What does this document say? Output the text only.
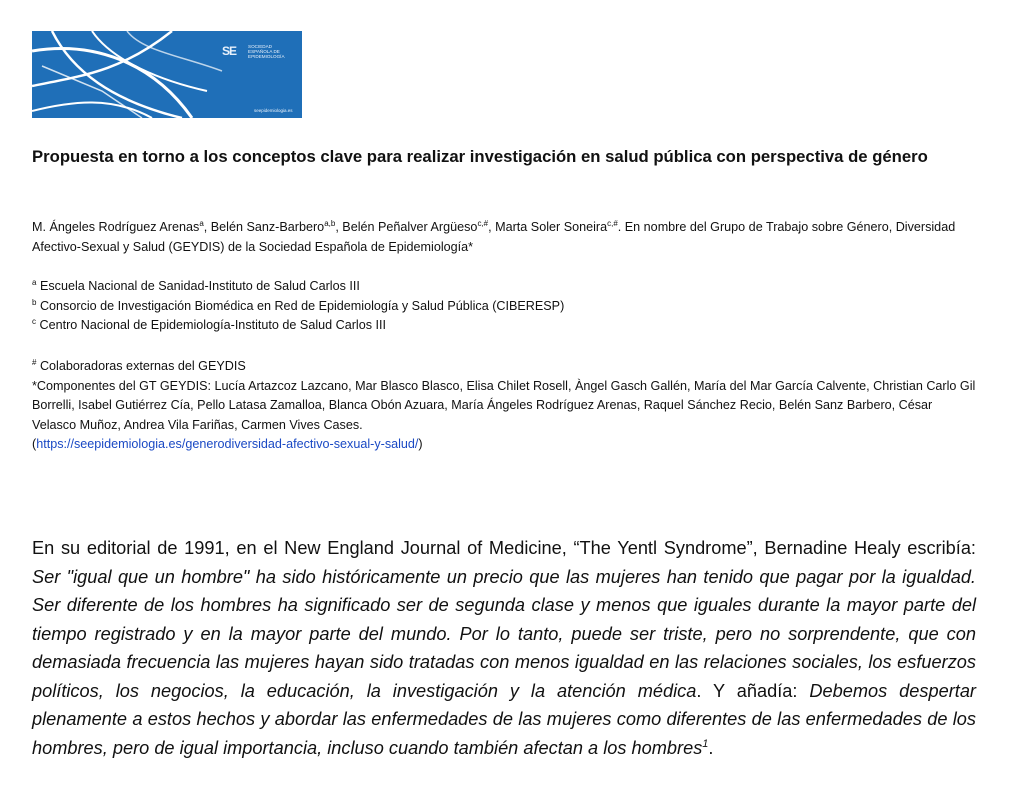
SE	SOCIEDAD
ESPAÑOLA DE
EPIDEMIOLOGÍA
seepidemiologia.es
Propuesta en torno a los conceptos clave para realizar investigación en salud pública con perspectiva de género

M. Ángeles Rodríguez Arenas$^a$, Belén Sanz-Barbero$^{a,b}$, Belén Peñalver Argüeso$^{c,\#}$, Marta Soler Soneira$^{c,\#}$. En nombre del Grupo de Trabajo sobre Género, Diversidad Afectivo-Sexual y Salud (GEYDIS) de la Sociedad Española de Epidemiología*

$^a$ Escuela Nacional de Sanidad-Instituto de Salud Carlos III
$^b$ Consorcio de Investigación Biomédica en Red de Epidemiología y Salud Pública (CIBERESP)
$^c$ Centro Nacional de Epidemiología-Instituto de Salud Carlos III

# Colaboradoras externas del GEYDIS
*Componentes del GT GEYDIS: Lucía Artazcoz Lazcano, Mar Blasco Blasco, Elisa Chilet Rosell, Àngel Gasch Gallén, María del Mar García Calvente, Christian Carlo Gil Borrelli, Isabel Gutiérrez Cía, Pello Latasa Zamalloa, Blanca Obón Azuara, María Ángeles Rodríguez Arenas, Raquel Sánchez Recio, Belén Sanz Barbero, César Velasco Muñoz, Andrea Vila Fariñas, Carmen Vives Cases.
(https://seepidemiologia.es/generodiversidad-afectivo-sexual-y-salud/)

En su editorial de 1991, en el New England Journal of Medicine, “The Yentl Syndrome”, Bernadine Healy escribía: Ser "igual que un hombre" ha sido históricamente un precio que las mujeres han tenido que pagar por la igualdad. Ser diferente de los hombres ha significado ser de segunda clase y menos que iguales durante la mayor parte del tiempo registrado y en la mayor parte del mundo. Por lo tanto, puede ser triste, pero no sorprendente, que con demasiada frecuencia las mujeres hayan sido tratadas con menos igualdad en las relaciones sociales, los esfuerzos políticos, los negocios, la educación, la investigación y la atención médica. Y añadía: Debemos despertar plenamente a estos hechos y abordar las enfermedades de las mujeres como diferentes de las enfermedades de los hombres, pero de igual importancia, incluso cuando también afectan a los hombres$^1$.
